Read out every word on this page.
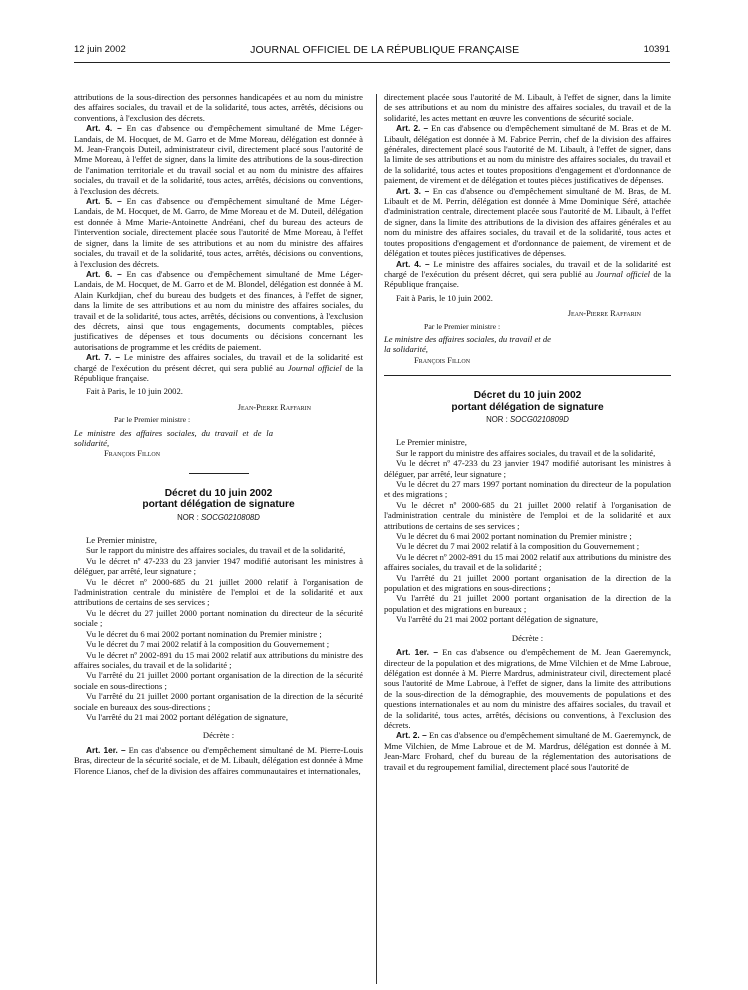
12 juin 2002	JOURNAL OFFICIEL DE LA RÉPUBLIQUE FRANÇAISE	10391

attributions de la sous-direction des personnes handicapées et au nom du ministre des affaires sociales, du travail et de la solidarité, tous actes, arrêtés, décisions ou conventions, à l'exclusion des décrets.

Art. 4. – En cas d'absence ou d'empêchement simultané de Mme Léger-Landais, de M. Hocquet, de M. Garro et de Mme Moreau, délégation est donnée à M. Jean-François Duteil, administrateur civil, directement placé sous l'autorité de Mme Moreau, à l'effet de signer, dans la limite des attributions de la sous-direction de l'animation territoriale et du travail social et au nom du ministre des affaires sociales, du travail et de la solidarité, tous actes, arrêtés, décisions ou conventions, à l'exclusion des décrets.

Art. 5. – En cas d'absence ou d'empêchement simultané de Mme Léger-Landais, de M. Hocquet, de M. Garro, de Mme Moreau et de M. Duteil, délégation est donnée à Mme Marie-Antoinette Andréani, chef du bureau des acteurs de l'intervention sociale, directement placée sous l'autorité de Mme Moreau, à l'effet de signer, dans la limite de ses attributions et au nom du ministre des affaires sociales, du travail et de la solidarité, tous actes, arrêtés, décisions ou conventions, à l'exclusion des décrets.

Art. 6. – En cas d'absence ou d'empêchement simultané de Mme Léger-Landais, de M. Hocquet, de M. Garro et de M. Blondel, délégation est donnée à M. Alain Kurkdjian, chef du bureau des budgets et des finances, à l'effet de signer, dans la limite de ses attributions et au nom du ministre des affaires sociales, du travail et de la solidarité, tous actes, arrêtés, décisions ou conventions, à l'exclusion des décrets, ainsi que tous engagements, documents comptables, pièces justificatives de dépenses et tous documents ou décisions concernant les autorisations de programme et les crédits de paiement.

Art. 7. – Le ministre des affaires sociales, du travail et de la solidarité est chargé de l'exécution du présent décret, qui sera publié au Journal officiel de la République française.

Fait à Paris, le 10 juin 2002.

Jean-Pierre Raffarin

Par le Premier ministre :

Le ministre des affaires sociales, du travail et de la solidarité,

François Fillon

Décret du 10 juin 2002
portant délégation de signature

NOR : SOCG0210808D

Le Premier ministre,

Sur le rapport du ministre des affaires sociales, du travail et de la solidarité,

Vu le décret nº 47-233 du 23 janvier 1947 modifié autorisant les ministres à déléguer, par arrêté, leur signature ;

Vu le décret nº 2000-685 du 21 juillet 2000 relatif à l'organisation de l'administration centrale du ministère de l'emploi et de la solidarité et aux attributions de certains de ses services ;

Vu le décret du 27 juillet 2000 portant nomination du directeur de la sécurité sociale ;

Vu le décret du 6 mai 2002 portant nomination du Premier ministre ;

Vu le décret du 7 mai 2002 relatif à la composition du Gouvernement ;

Vu le décret nº 2002-891 du 15 mai 2002 relatif aux attributions du ministre des affaires sociales, du travail et de la solidarité ;

Vu l'arrêté du 21 juillet 2000 portant organisation de la direction de la sécurité sociale en sous-directions ;

Vu l'arrêté du 21 juillet 2000 portant organisation de la direction de la sécurité sociale en bureaux des sous-directions ;

Vu l'arrêté du 21 mai 2002 portant délégation de signature,

Décrète :

Art. 1er. – En cas d'absence ou d'empêchement simultané de M. Pierre-Louis Bras, directeur de la sécurité sociale, et de M. Libault, délégation est donnée à Mme Florence Lianos, chef de la division des affaires communautaires et internationales,

directement placée sous l'autorité de M. Libault, à l'effet de signer, dans la limite de ses attributions et au nom du ministre des affaires sociales, du travail et de la solidarité, les actes mettant en œuvre les conventions de sécurité sociale.

Art. 2. – En cas d'absence ou d'empêchement simultané de M. Bras et de M. Libault, délégation est donnée à M. Fabrice Perrin, chef de la division des affaires générales, directement placé sous l'autorité de M. Libault, à l'effet de signer, dans la limite de ses attributions et au nom du ministre des affaires sociales, du travail et de la solidarité, tous actes et toutes propositions d'engagement et d'ordonnance de paiement, de virement et de délégation et toutes pièces justificatives de dépenses.

Art. 3. – En cas d'absence ou d'empêchement simultané de M. Bras, de M. Libault et de M. Perrin, délégation est donnée à Mme Dominique Séré, attachée d'administration centrale, directement placée sous l'autorité de M. Libault, à l'effet de signer, dans la limite des attributions de la division des affaires générales et au nom du ministre des affaires sociales, du travail et de la solidarité, tous actes et toutes propositions d'engagement et d'ordonnance de paiement, de virement et de délégation et toutes pièces justificatives de dépenses.

Art. 4. – Le ministre des affaires sociales, du travail et de la solidarité est chargé de l'exécution du présent décret, qui sera publié au Journal officiel de la République française.

Fait à Paris, le 10 juin 2002.

Jean-Pierre Raffarin

Par le Premier ministre :

Le ministre des affaires sociales, du travail et de la solidarité,

François Fillon

Décret du 10 juin 2002
portant délégation de signature

NOR : SOCG0210809D

Le Premier ministre,

Sur le rapport du ministre des affaires sociales, du travail et de la solidarité,

Vu le décret nº 47-233 du 23 janvier 1947 modifié autorisant les ministres à déléguer, par arrêté, leur signature ;

Vu le décret du 27 mars 1997 portant nomination du directeur de la population et des migrations ;

Vu le décret nº 2000-685 du 21 juillet 2000 relatif à l'organisation de l'administration centrale du ministère de l'emploi et de la solidarité et aux attributions de certains de ses services ;

Vu le décret du 6 mai 2002 portant nomination du Premier ministre ;

Vu le décret du 7 mai 2002 relatif à la composition du Gouvernement ;

Vu le décret nº 2002-891 du 15 mai 2002 relatif aux attributions du ministre des affaires sociales, du travail et de la solidarité ;

Vu l'arrêté du 21 juillet 2000 portant organisation de la direction de la population et des migrations en sous-directions ;

Vu l'arrêté du 21 juillet 2000 portant organisation de la direction de la population et des migrations en bureaux ;

Vu l'arrêté du 21 mai 2002 portant délégation de signature,

Décrète :

Art. 1er. – En cas d'absence ou d'empêchement de M. Jean Gaeremynck, directeur de la population et des migrations, de Mme Vilchien et de Mme Labroue, délégation est donnée à M. Pierre Mardrus, administrateur civil, directement placé sous l'autorité de Mme Labroue, à l'effet de signer, dans la limite des attributions de la sous-direction de la démographie, des mouvements de populations et des questions internationales et au nom du ministre des affaires sociales, du travail et de la solidarité, tous actes, arrêtés, décisions ou conventions, à l'exclusion des décrets.

Art. 2. – En cas d'absence ou d'empêchement simultané de M. Gaeremynck, de Mme Vilchien, de Mme Labroue et de M. Mardrus, délégation est donnée à M. Jean-Marc Frohard, chef du bureau de la réglementation des autorisations de travail et du regroupement familial, directement placé sous l'autorité de
